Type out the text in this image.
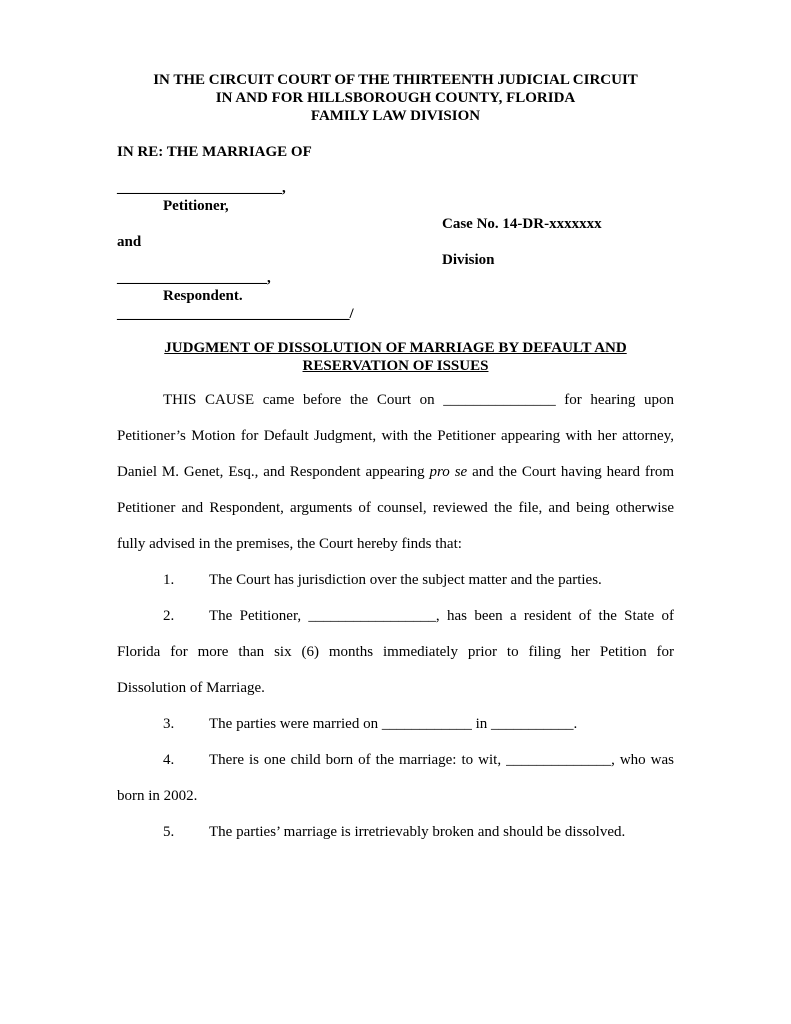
IN THE CIRCUIT COURT OF THE THIRTEENTH JUDICIAL CIRCUIT
IN AND FOR HILLSBOROUGH COUNTY, FLORIDA
FAMILY LAW DIVISION
IN RE: THE MARRIAGE OF
______________________,
Petitioner,
Case No. 14-DR-xxxxxxx
and
Division
____________________,
Respondent.
_______________________________/
JUDGMENT OF DISSOLUTION OF MARRIAGE BY DEFAULT AND
RESERVATION OF ISSUES
THIS CAUSE came before the Court on _______________ for hearing upon
Petitioner’s Motion for Default Judgment, with the Petitioner appearing with her attorney,
Daniel M. Genet, Esq., and Respondent appearing pro se and the Court having heard from
Petitioner and Respondent, arguments of counsel, reviewed the file, and being otherwise
fully advised in the premises, the Court hereby finds that:
1. The Court has jurisdiction over the subject matter and the parties.
2. The Petitioner, _________________, has been a resident of the State of
Florida for more than six (6) months immediately prior to filing her Petition for
Dissolution of Marriage.
3. The parties were married on ____________ in ___________.
4. There is one child born of the marriage: to wit, ______________, who was
born in 2002.
5. The parties’ marriage is irretrievably broken and should be dissolved.
